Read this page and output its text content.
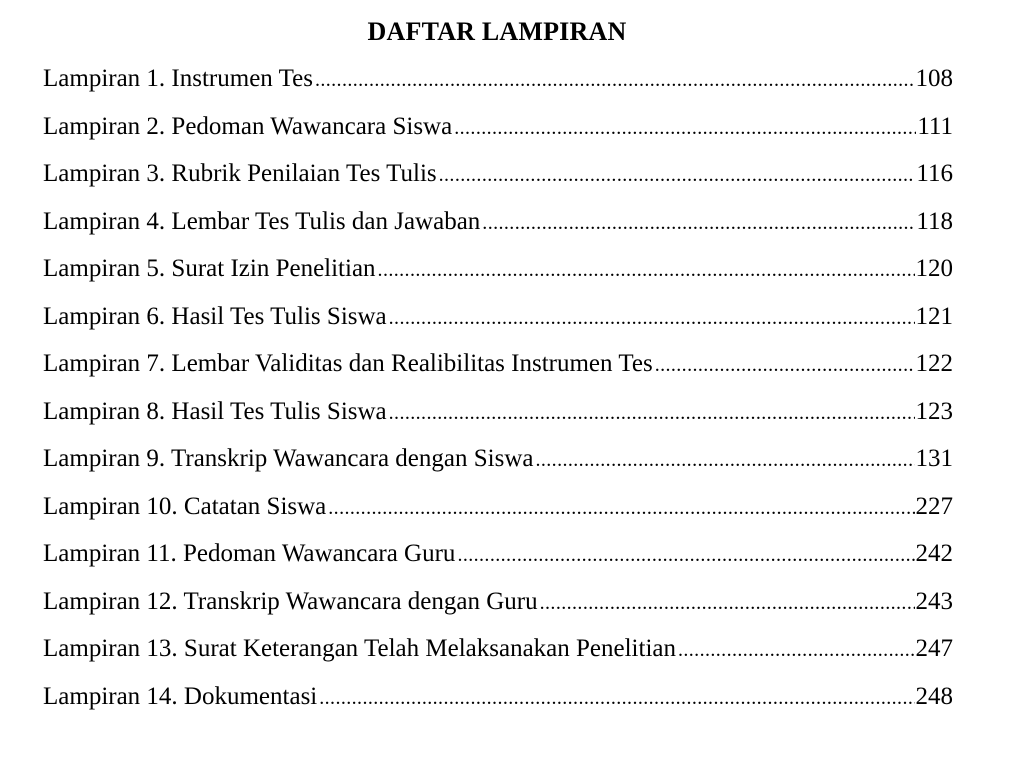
DAFTAR LAMPIRAN
Lampiran 1. Instrumen Tes .....	108
Lampiran 2. Pedoman Wawancara Siswa .....	111
Lampiran 3. Rubrik Penilaian Tes Tulis .....	116
Lampiran 4. Lembar Tes Tulis dan Jawaban .....	118
Lampiran 5. Surat Izin Penelitian .....	120
Lampiran 6. Hasil Tes Tulis Siswa .....	121
Lampiran 7. Lembar Validitas dan Realibilitas Instrumen Tes .....	122
Lampiran 8. Hasil Tes Tulis Siswa .....	123
Lampiran 9. Transkrip Wawancara dengan Siswa .....	131
Lampiran 10. Catatan Siswa .....	227
Lampiran 11. Pedoman Wawancara Guru .....	242
Lampiran 12. Transkrip Wawancara dengan Guru .....	243
Lampiran 13. Surat Keterangan Telah Melaksanakan Penelitian .....	247
Lampiran 14. Dokumentasi .....	248
